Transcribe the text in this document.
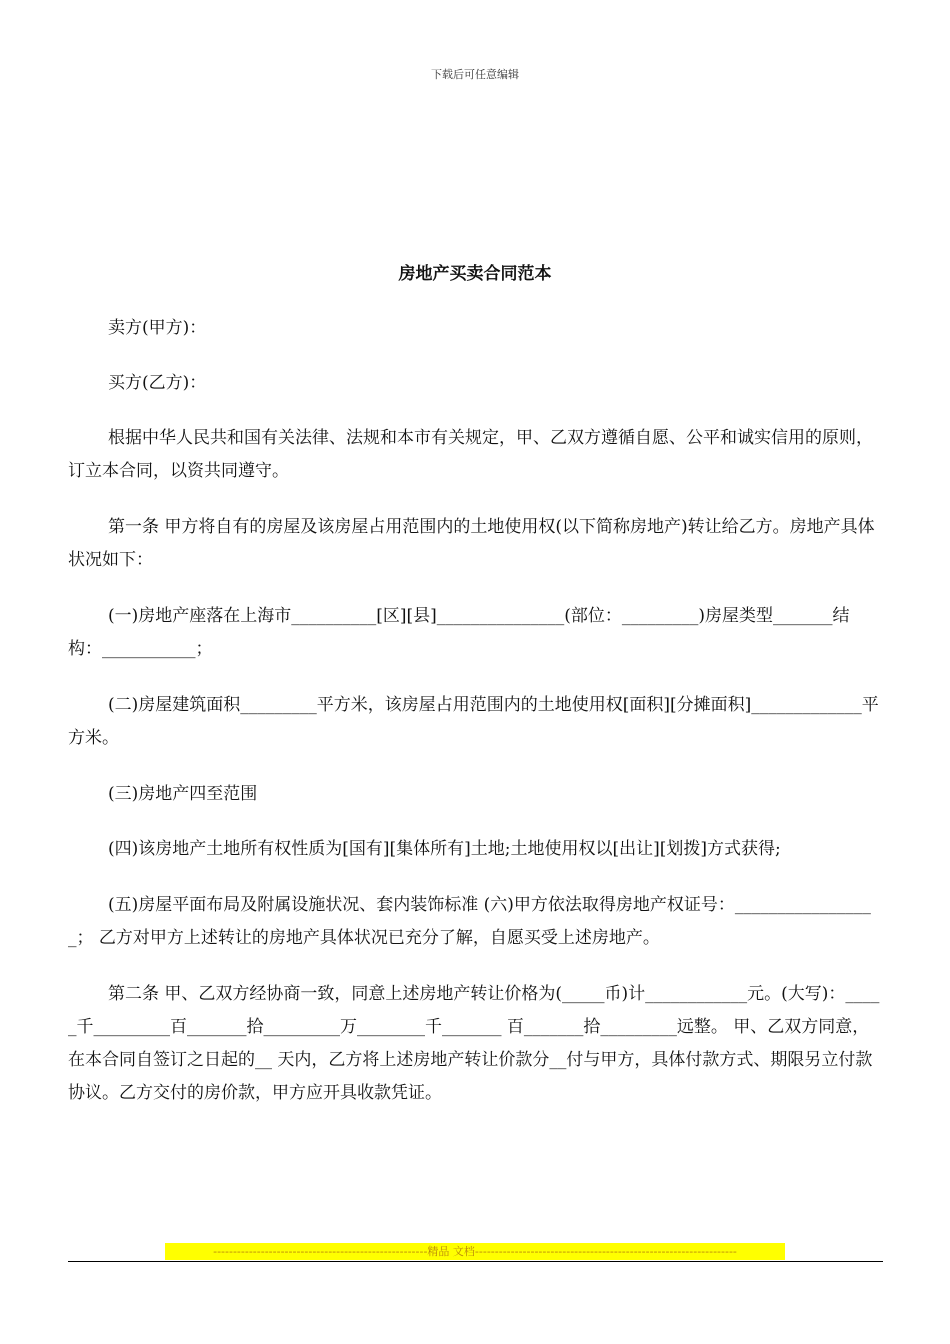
下载后可任意编辑
房地产买卖合同范本

卖方(甲方)：

买方(乙方)：

根据中华人民共和国有关法律、法规和本市有关规定，甲、乙双方遵循自愿、公平和诚实信用的原则，订立本合同，以资共同遵守。

第一条 甲方将自有的房屋及该房屋占用范围内的土地使用权(以下简称房地产)转让给乙方。房地产具体状况如下：

(一)房地产座落在上海市__________[区][县]_______________(部位：_________)房屋类型_______结构：___________；

(二)房屋建筑面积_________平方米，该房屋占用范围内的土地使用权[面积][分摊面积]_____________平方米。

(三)房地产四至范围

(四)该房地产土地所有权性质为[国有][集体所有]土地;土地使用权以[出让][划拨]方式获得;

(五)房屋平面布局及附属设施状况、套内装饰标准 (六)甲方依法取得房地产权证号：_________________； 乙方对甲方上述转让的房地产具体状况已充分了解，自愿买受上述房地产。

第二条 甲、乙双方经协商一致，同意上述房地产转让价格为(_____币)计____________元。(大写)：_____千_________百_______拾_________万________千_______ 百_______拾_________远整。 甲、乙双方同意，在本合同自签订之日起的__ 天内，乙方将上述房地产转让价款分__付与甲方，具体付款方式、期限另立付款协议。乙方交付的房价款，甲方应开具收款凭证。

------------------------------------------------------精品 文档------------------------------------------------------------------
